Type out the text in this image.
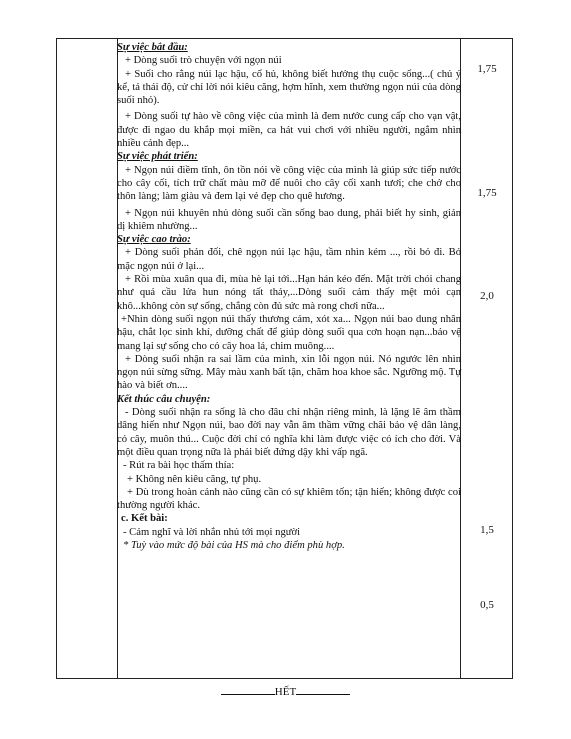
Sự việc bắt đầu:

+ Dòng suối trò chuyện với ngọn núi

+ Suối cho rằng núi lạc hậu, cổ hủ, không biết hưởng thụ cuộc sống...( chủ ý kể, tả thái độ, cử chỉ lời nói kiêu căng, hợm hĩnh, xem thường ngọn núi của dòng suối nhỏ).

+ Dòng suối tự hào về công việc của mình là đem nước cung cấp cho vạn vật, được đi ngao du khắp mọi miền, ca hát vui chơi với nhiều người, ngắm nhìn nhiều cảnh đẹp...

Sự việc phát triển:

+ Ngọn núi điềm tĩnh, ôn tồn nói về công việc của mình là giúp sức tiếp nước cho cây cối, tích trữ chất màu mỡ để nuôi cho cây cối xanh tươi; che chở cho thôn làng; làm giàu và đem lại vẻ đẹp cho quê hương.

+ Ngọn núi khuyên nhủ dòng suối cần sống bao dung, phải biết hy sinh, giản dị khiêm nhường...

Sự việc cao trào:

+ Dòng suối phản đối, chê ngọn núi lạc hậu, tầm nhìn kém ..., rồi bỏ đi. Bỏ mặc ngọn núi ở lại...

+ Rồi mùa xuân qua đi, mùa hè lại tới...Hạn hán kéo đến. Mặt trời chói chang như quả cầu lửa hun nóng tất thảy,...Dòng suối cảm thấy mệt mỏi cạn khô...không còn sự sống, chẳng còn đủ sức mà rong chơi nữa...

+Nhìn dòng suối ngọn núi thấy thương cảm, xót xa... Ngọn núi bao dung nhân hậu, chắt lọc sinh khí, dưỡng chất để giúp dòng suối qua cơn hoạn nạn...bảo vệ mang lại sự sống cho cỏ cây hoa lá, chim muông....

+ Dòng suối nhận ra sai lầm của mình, xin lỗi ngọn núi. Nó ngước lên nhìn ngọn núi sừng sững. Mây màu xanh bất tận, chăm hoa khoe sắc. Ngưỡng mộ. Tự hào và biết ơn....

Kết thúc câu chuyện:

- Dòng suối nhận ra sống là cho đâu chỉ nhận riêng mình, là lặng lẽ âm thầm dâng hiến như Ngọn núi, bao đời nay vẫn âm thầm vững chãi bảo vệ dân làng, cỏ cây, muôn thú... Cuộc đời chỉ có nghĩa khi làm được việc có ích cho đời. Và một điều quan trọng nữa là phải biết đứng dậy khi vấp ngã.

- Rút ra bài học thấm thía:

+ Không nên kiêu căng, tự phụ.

+ Dù trong hoàn cảnh nào cũng cần có sự khiêm tốn; tận hiến; không được coi thường người khác.

c. Kết bài:

- Cảm nghĩ và lời nhắn nhủ tới mọi người

* Tuỳ vào mức độ bài của HS mà cho điểm phù hợp.

1,75
1,75
2,0
1,5
0,5
HẾT
